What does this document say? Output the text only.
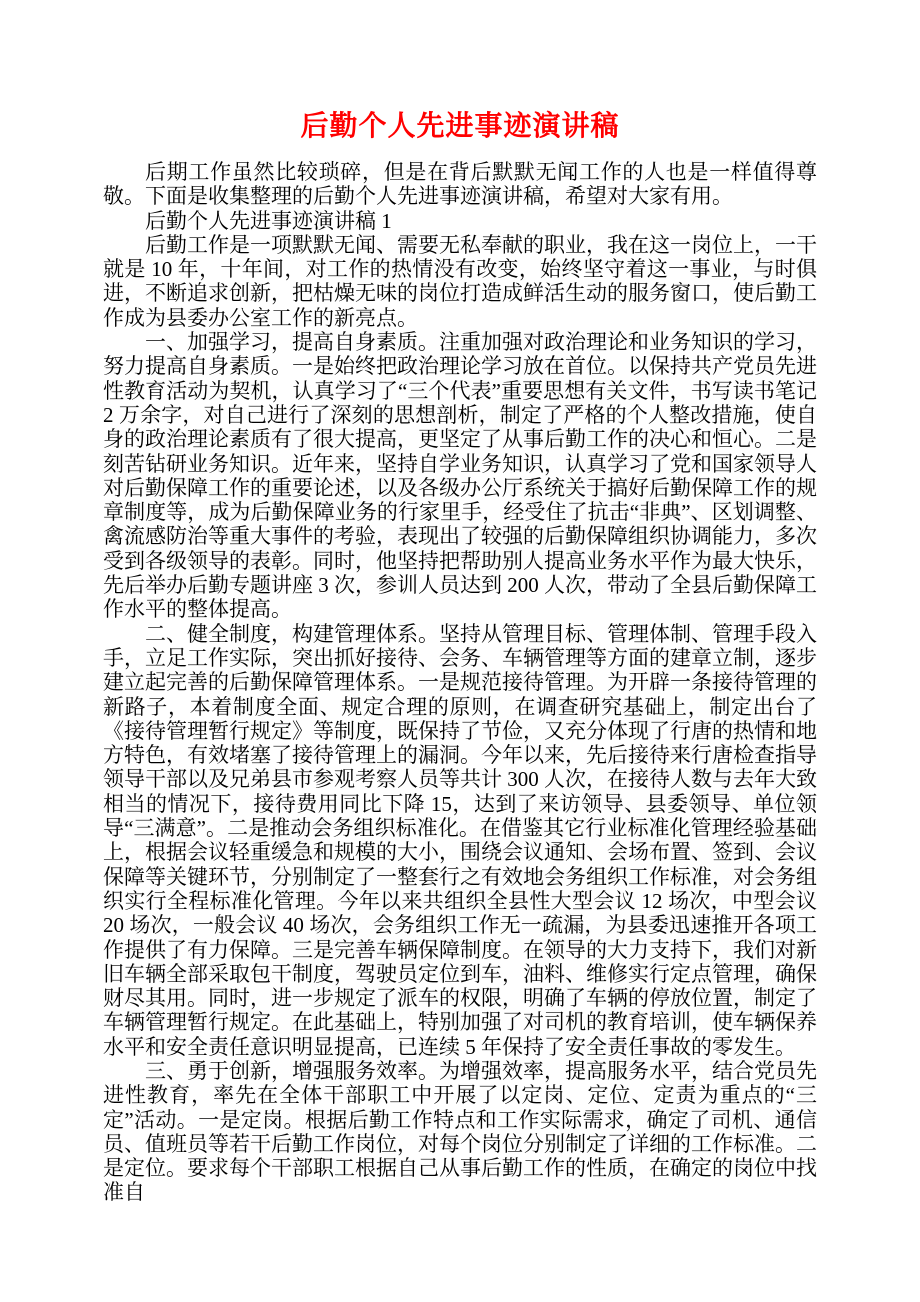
后勤个人先进事迹演讲稿

后期工作虽然比较琐碎，但是在背后默默无闻工作的人也是一样值得尊敬。下面是收集整理的后勤个人先进事迹演讲稿，希望对大家有用。

后勤个人先进事迹演讲稿 1

后勤工作是一项默默无闻、需要无私奉献的职业，我在这一岗位上，一干就是 10 年，十年间，对工作的热情没有改变，始终坚守着这一事业，与时俱进，不断追求创新，把枯燥无味的岗位打造成鲜活生动的服务窗口，使后勤工作成为县委办公室工作的新亮点。

一、加强学习，提高自身素质。注重加强对政治理论和业务知识的学习，努力提高自身素质。一是始终把政治理论学习放在首位。以保持共产党员先进性教育活动为契机，认真学习了“三个代表”重要思想有关文件，书写读书笔记 2 万余字，对自己进行了深刻的思想剖析，制定了严格的个人整改措施，使自身的政治理论素质有了很大提高，更坚定了从事后勤工作的决心和恒心。二是刻苦钻研业务知识。近年来，坚持自学业务知识，认真学习了党和国家领导人对后勤保障工作的重要论述，以及各级办公厅系统关于搞好后勤保障工作的规章制度等，成为后勤保障业务的行家里手，经受住了抗击“非典”、区划调整、禽流感防治等重大事件的考验，表现出了较强的后勤保障组织协调能力，多次受到各级领导的表彰。同时，他坚持把帮助别人提高业务水平作为最大快乐，先后举办后勤专题讲座 3 次，参训人员达到 200 人次，带动了全县后勤保障工作水平的整体提高。

二、健全制度，构建管理体系。坚持从管理目标、管理体制、管理手段入手，立足工作实际，突出抓好接待、会务、车辆管理等方面的建章立制，逐步建立起完善的后勤保障管理体系。一是规范接待管理。为开辟一条接待管理的新路子，本着制度全面、规定合理的原则，在调查研究基础上，制定出台了《接待管理暂行规定》等制度，既保持了节俭，又充分体现了行唐的热情和地方特色，有效堵塞了接待管理上的漏洞。今年以来，先后接待来行唐检查指导领导干部以及兄弟县市参观考察人员等共计 300 人次，在接待人数与去年大致相当的情况下，接待费用同比下降 15，达到了来访领导、县委领导、单位领导“三满意”。二是推动会务组织标准化。在借鉴其它行业标准化管理经验基础上，根据会议轻重缓急和规模的大小，围绕会议通知、会场布置、签到、会议保障等关键环节，分别制定了一整套行之有效地会务组织工作标准，对会务组织实行全程标准化管理。今年以来共组织全县性大型会议 12 场次，中型会议 20 场次，一般会议 40 场次，会务组织工作无一疏漏，为县委迅速推开各项工作提供了有力保障。三是完善车辆保障制度。在领导的大力支持下，我们对新旧车辆全部采取包干制度，驾驶员定位到车，油料、维修实行定点管理，确保财尽其用。同时，进一步规定了派车的权限，明确了车辆的停放位置，制定了车辆管理暂行规定。在此基础上，特别加强了对司机的教育培训，使车辆保养水平和安全责任意识明显提高，已连续 5 年保持了安全责任事故的零发生。

三、勇于创新，增强服务效率。为增强效率，提高服务水平，结合党员先进性教育，率先在全体干部职工中开展了以定岗、定位、定责为重点的“三定”活动。一是定岗。根据后勤工作特点和工作实际需求，确定了司机、通信员、值班员等若干后勤工作岗位，对每个岗位分别制定了详细的工作标准。二是定位。要求每个干部职工根据自己从事后勤工作的性质，在确定的岗位中找准自
